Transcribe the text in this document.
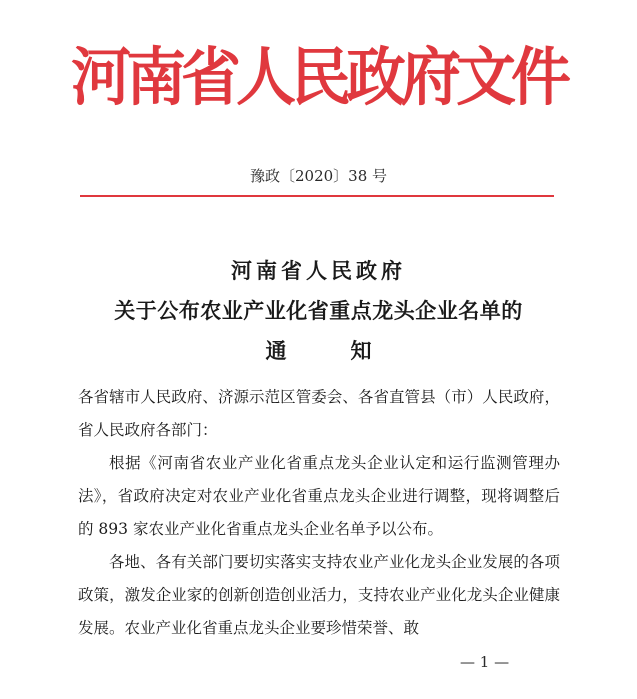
河南省人民政府文件
豫政〔2020〕38 号
河南省人民政府
关于公布农业产业化省重点龙头企业名单的
通	知

各省辖市人民政府、济源示范区管委会、各省直管县（市）人民政府，省人民政府各部门：

根据《河南省农业产业化省重点龙头企业认定和运行监测管理办法》，省政府决定对农业产业化省重点龙头企业进行调整，现将调整后的 893 家农业产业化省重点龙头企业名单予以公布。

各地、各有关部门要切实落实支持农业产业化龙头企业发展的各项政策，激发企业家的创新创造创业活力，支持农业产业化龙头企业健康发展。农业产业化省重点龙头企业要珍惜荣誉、敢

— 1 —
